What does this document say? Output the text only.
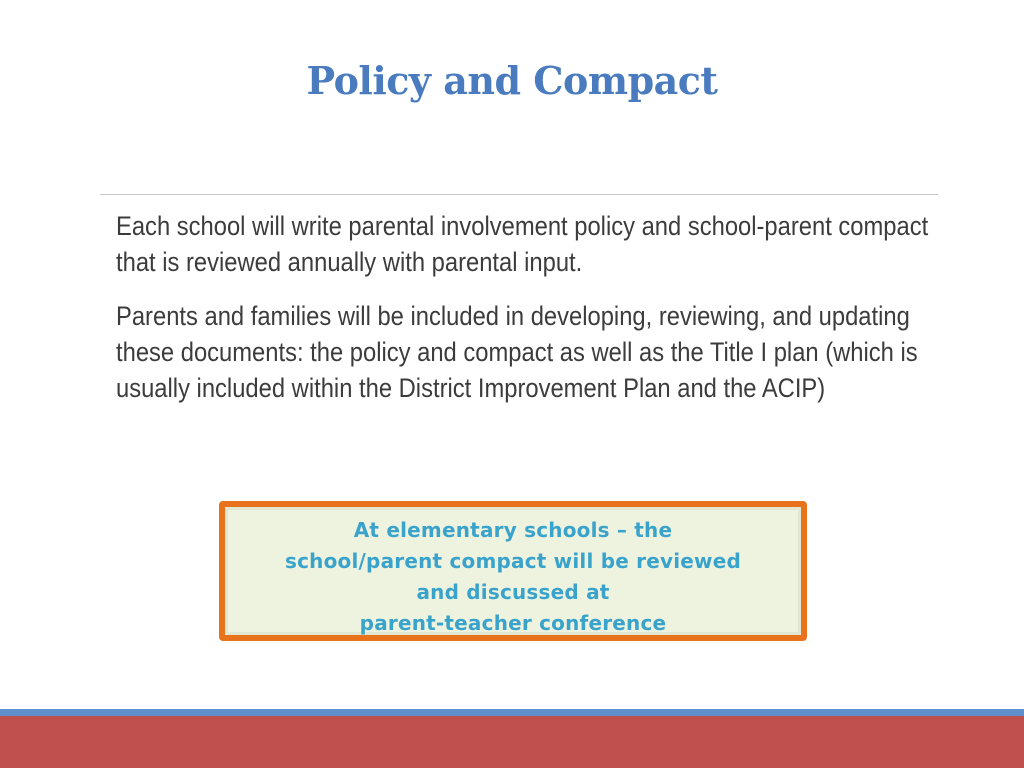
Policy and Compact

Each school will write parental involvement policy and school-parent compact that is reviewed annually with parental input.

Parents and families will be included in developing, reviewing, and updating these documents: the policy and compact as well as the Title I plan (which is usually included within the District Improvement Plan and the ACIP)

At elementary schools – the
school/parent compact will be reviewed
and discussed at
parent-teacher conference
